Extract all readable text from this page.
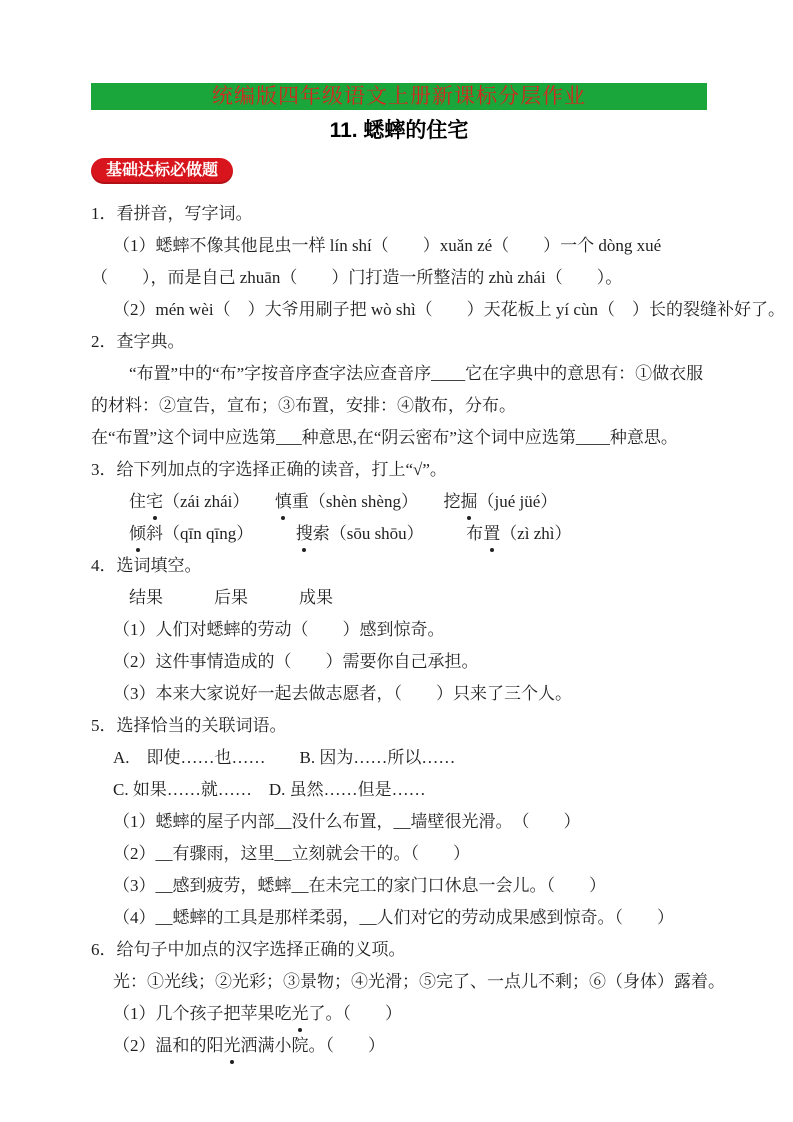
统编版四年级语文上册新课标分层作业
11. 蟋蟀的住宅
基础达标必做题
1．看拼音，写字词。
（1）蟋蟀不像其他昆虫一样 lín shí（　　）xuǎn zé（　　）一个 dòng xué
（　　），而是自己 zhuān（　　）门打造一所整洁的 zhù zhái（　　）。
（2）mén wèi（　）大爷用刷子把 wò shì（　　）天花板上 yí cùn（　）长的裂缝补好了。
2．查字典。
“布置”中的“布”字按音序查字法应查音序____它在字典中的意思有：①做衣服
的材料：②宣告，宣布；③布置，安排：④散布，分布。
在“布置”这个词中应选第___种意思,在“阴云密布”这个词中应选第____种意思。
3．给下列加点的字选择正确的读音，打上“√”。
住宅（zái zhái）　　慎重（shèn shèng）　　挖掘（jué jüé）
倾斜（qīn qīng）　　　搜索（sōu shōu）　　　布置（zì zhì）
4．选词填空。
结果　　　后果　　　成果
（1）人们对蟋蟀的劳动（　　）感到惊奇。
（2）这件事情造成的（　　）需要你自己承担。
（3）本来大家说好一起去做志愿者，（　　）只来了三个人。
5．选择恰当的关联词语。
A.　即使……也……　　B. 因为……所以……
C. 如果……就……　D. 虽然……但是……
（1）蟋蟀的屋子内部__没什么布置，__墙壁很光滑。　（　　）
（2）__有骤雨，这里__立刻就会干的。（　　）
（3）__感到疲劳，蟋蟀__在未完工的家门口休息一会儿。（　　）
（4）__蟋蟀的工具是那样柔弱，__人们对它的劳动成果感到惊奇。（　　）
6．给句子中加点的汉字选择正确的义项。
光：①光线；②光彩；③景物；④光滑；⑤完了、一点儿不剩；⑥（身体）露着。
（1）几个孩子把苹果吃光了。（　　）
（2）温和的阳光洒满小院。（　　）
